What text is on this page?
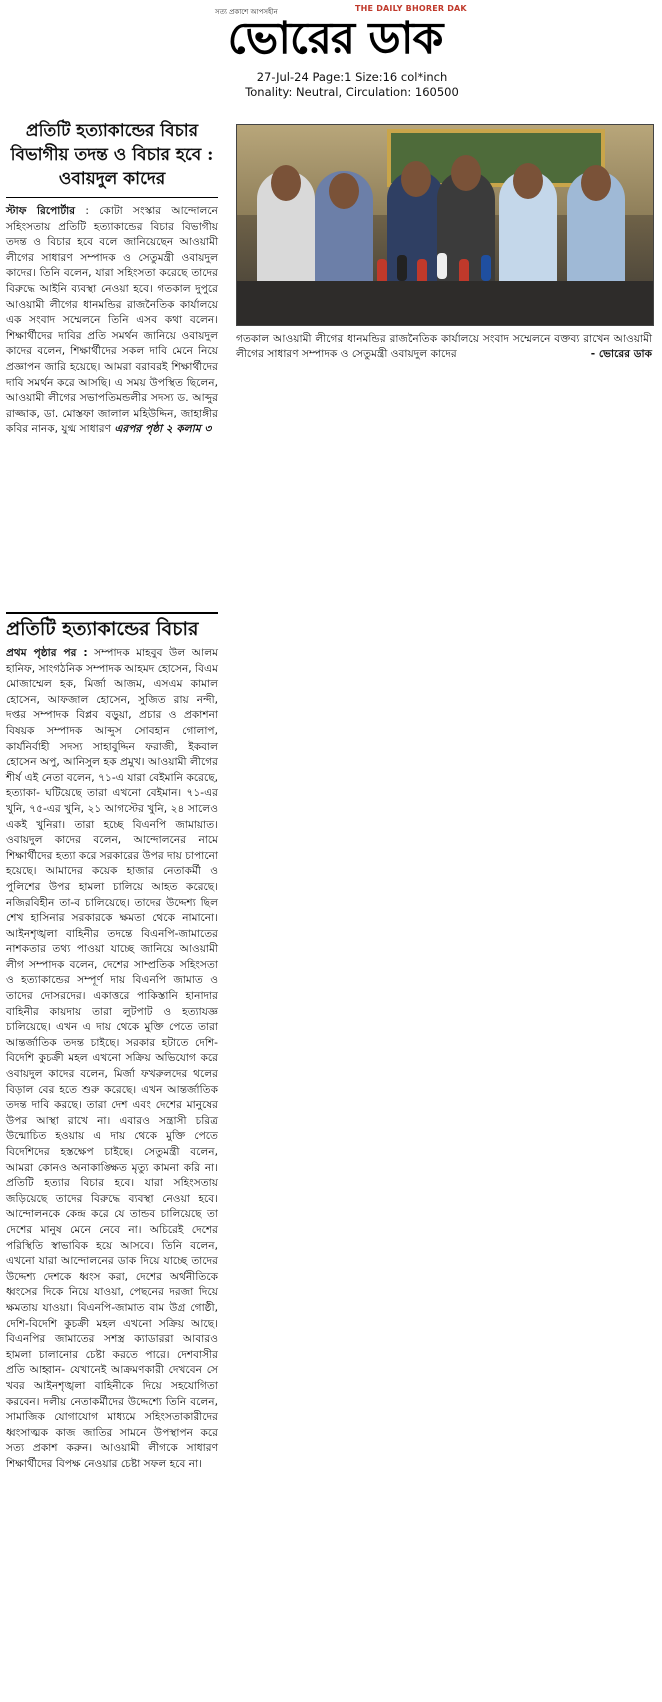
সত্য প্রকাশে আপসহীন	THE DAILY BHORER DAK
ভোরের ডাক
27-Jul-24 Page:1 Size:16 col*inch
Tonality: Neutral, Circulation: 160500
প্রতিটি হত্যাকান্ডের বিচার বিভাগীয় তদন্ত ও বিচার হবে : ওবায়দুল কাদের
স্টাফ রিপোর্টার : কোটা সংস্কার আন্দোলনে সহিংসতায় প্রতিটি হত্যাকান্ডের বিচার বিভাগীয় তদন্ত ও বিচার হবে বলে জানিয়েছেন আওয়ামী লীগের সাধারণ সম্পাদক ও সেতুমন্ত্রী ওবায়দুল কাদের। তিনি বলেন, যারা সহিংসতা করেছে তাদের বিরুদ্ধে আইনি ব্যবস্থা নেওয়া হবে। গতকাল দুপুরে আওয়ামী লীগের ধানমন্ডির রাজনৈতিক কার্যালয়ে এক সংবাদ সম্মেলনে তিনি এসব কথা বলেন। শিক্ষার্থীদের দাবির প্রতি সমর্থন জানিয়ে ওবায়দুল কাদের বলেন, শিক্ষার্থীদের সকল দাবি মেনে নিয়ে প্রজ্ঞাপন জারি হয়েছে। আমরা বরাবরই শিক্ষার্থীদের দাবি সমর্থন করে আসছি। এ সময় উপস্থিত ছিলেন, আওয়ামী লীগের সভাপতিমন্ডলীর সদস্য ড. আব্দুর রাজ্জাক, ডা. মোস্তফা জালাল মহিউদ্দিন, জাহাঙ্গীর কবির নানক, যুগ্ম সাধারণ এরপর পৃষ্ঠা ২ কলাম ৩
প্রতিটি হত্যাকান্ডের বিচার
প্রথম পৃষ্ঠার পর : সম্পাদক মাহবুব উল আলম হানিফ, সাংগঠনিক সম্পাদক আহমদ হোসেন, বিএম মোজাম্মেল হক, মির্জা আজম, এসএম কামাল হোসেন, আফজাল হোসেন, সুজিত রায় নন্দী, দপ্তর সম্পাদক বিপ্লব বড়ুয়া, প্রচার ও প্রকাশনা বিষয়ক সম্পাদক আব্দুস সোবহান গোলাপ, কার্যনির্বাহী সদস্য সাহাবুদ্দিন ফরাজী, ইকবাল হোসেন অপু, আনিসুল হক প্রমুখ। আওয়ামী লীগের শীর্ষ এই নেতা বলেন, ৭১-এ যারা বেইমানি করেছে, হত্যাকা- ঘটিয়েছে তারা এখনো বেইমান। ৭১-এর খুনি, ৭৫-এর খুনি, ২১ আগস্টের খুনি, ২৪ সালেও একই খুনিরা। তারা হচ্ছে বিএনপি জামায়াত। ওবায়দুল কাদের বলেন, আন্দোলনের নামে শিক্ষার্থীদের হত্যা করে সরকারের উপর দায় চাপানো হয়েছে। আমাদের কয়েক হাজার নেতাকর্মী ও পুলিশের উপর হামলা চালিয়ে আহত করেছে। নজিরবিহীন তা-ব চালিয়েছে। তাদের উদ্দেশ্য ছিল শেখ হাসিনার সরকারকে ক্ষমতা থেকে নামানো। আইনশৃঙ্খলা বাহিনীর তদন্তে বিএনপি-জামাতের নাশকতার তথ্য পাওয়া যাচ্ছে জানিয়ে আওয়ামী লীগ সম্পাদক বলেন, দেশের সাম্প্রতিক সহিংসতা ও হত্যাকান্ডের সম্পূর্ণ দায় বিএনপি জামাত ও তাদের দোসরদের। একাত্তরে পাকিস্তানি হানাদার বাহিনীর কায়দায় তারা লুটপাট ও হত্যাযজ্ঞ চালিয়েছে। এখন এ দায় থেকে মুক্তি পেতে তারা আন্তর্জাতিক তদন্ত চাইছে। সরকার হটাতে দেশি-বিদেশি কুচক্রী মহল এখনো সক্রিয় অভিযোগ করে ওবায়দুল কাদের বলেন, মির্জা ফখরুলদের থলের বিড়াল বের হতে শুরু করেছে। এখন আন্তর্জাতিক তদন্ত দাবি করছে। তারা দেশ এবং দেশের মানুষের উপর আস্থা রাখে না। এবারও সন্ত্রাসী চরিত্র উন্মোচিত হওয়ায় এ দায় থেকে মুক্তি পেতে বিদেশিদের হস্তক্ষেপ চাইছে। সেতুমন্ত্রী বলেন, আমরা কোনও অনাকাঙ্ক্ষিত মৃত্যু কামনা করি না। প্রতিটি হত্যার বিচার হবে। যারা সহিংসতায় জড়িয়েছে তাদের বিরুদ্ধে ব্যবস্থা নেওয়া হবে। আন্দোলনকে কেন্দ্র করে যে তান্ডব চালিয়েছে তা দেশের মানুষ মেনে নেবে না। অচিরেই দেশের পরিস্থিতি স্বাভাবিক হয়ে আসবে। তিনি বলেন, এখনো যারা আন্দোলনের ডাক দিয়ে যাচ্ছে তাদের উদ্দেশ্য দেশকে ধ্বংস করা, দেশের অর্থনীতিকে ধ্বংসের দিকে নিয়ে যাওয়া, পেছনের দরজা দিয়ে ক্ষমতায় যাওয়া। বিএনপি-জামাত বাম উগ্র গোষ্ঠী, দেশি-বিদেশি কুচক্রী মহল এখনো সক্রিয় আছে। বিএনপির জামাতের সশস্ত্র ক্যাডাররা আবারও হামলা চালানোর চেষ্টা করতে পারে। দেশবাসীর প্রতি আহ্বান- যেখানেই আক্রমণকারী দেখবেন সে খবর আইনশৃঙ্খলা বাহিনীকে দিয়ে সহযোগিতা করবেন। দলীয় নেতাকর্মীদের উদ্দেশ্যে তিনি বলেন, সামাজিক যোগাযোগ মাধ্যমে সহিংসতাকারীদের ধ্বংসাত্মক কাজ জাতির সামনে উপস্থাপন করে সত্য প্রকাশ করুন। আওয়ামী লীগকে সাধারণ শিক্ষার্থীদের বিপক্ষ নেওয়ার চেষ্টা সফল হবে না।
গতকাল আওয়ামী লীগের ধানমন্ডির রাজনৈতিক কার্যালয়ে সংবাদ সম্মেলনে বক্তব্য রাখেন আওয়ামী লীগের সাধারণ সম্পাদক ও সেতুমন্ত্রী ওবায়দুল কাদের	- ভোরের ডাক
